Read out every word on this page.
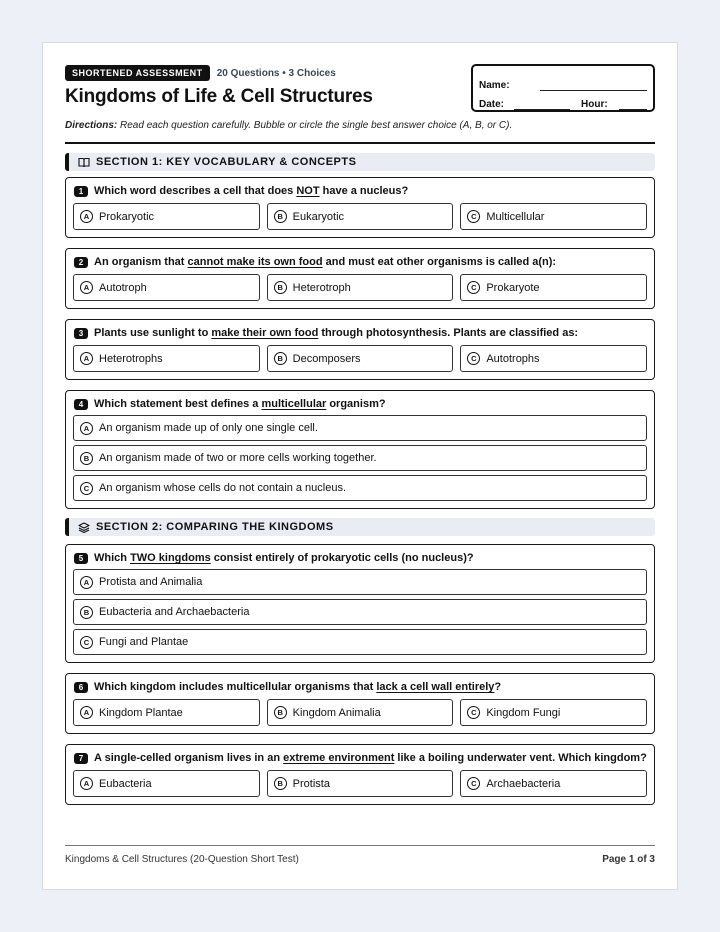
SHORTENED ASSESSMENT	20 Questions • 3 Choices
Kingdoms of Life & Cell Structures
Name:
Date:	Hour:
Directions: Read each question carefully. Bubble or circle the single best answer choice (A, B, or C).
SECTION 1: KEY VOCABULARY & CONCEPTS
1 Which word describes a cell that does NOT have a nucleus?
A Prokaryotic	B Eukaryotic	C Multicellular
2 An organism that cannot make its own food and must eat other organisms is called a(n):
A Autotroph	B Heterotroph	C Prokaryote
3 Plants use sunlight to make their own food through photosynthesis. Plants are classified as:
A Heterotrophs	B Decomposers	C Autotrophs
4 Which statement best defines a multicellular organism?
A An organism made up of only one single cell.
B An organism made of two or more cells working together.
C An organism whose cells do not contain a nucleus.
SECTION 2: COMPARING THE KINGDOMS
5 Which TWO kingdoms consist entirely of prokaryotic cells (no nucleus)?
A Protista and Animalia
B Eubacteria and Archaebacteria
C Fungi and Plantae
6 Which kingdom includes multicellular organisms that lack a cell wall entirely?
A Kingdom Plantae	B Kingdom Animalia	C Kingdom Fungi
7 A single-celled organism lives in an extreme environment like a boiling underwater vent. Which kingdom?
A Eubacteria	B Protista	C Archaebacteria
Kingdoms & Cell Structures (20-Question Short Test)	Page 1 of 3
